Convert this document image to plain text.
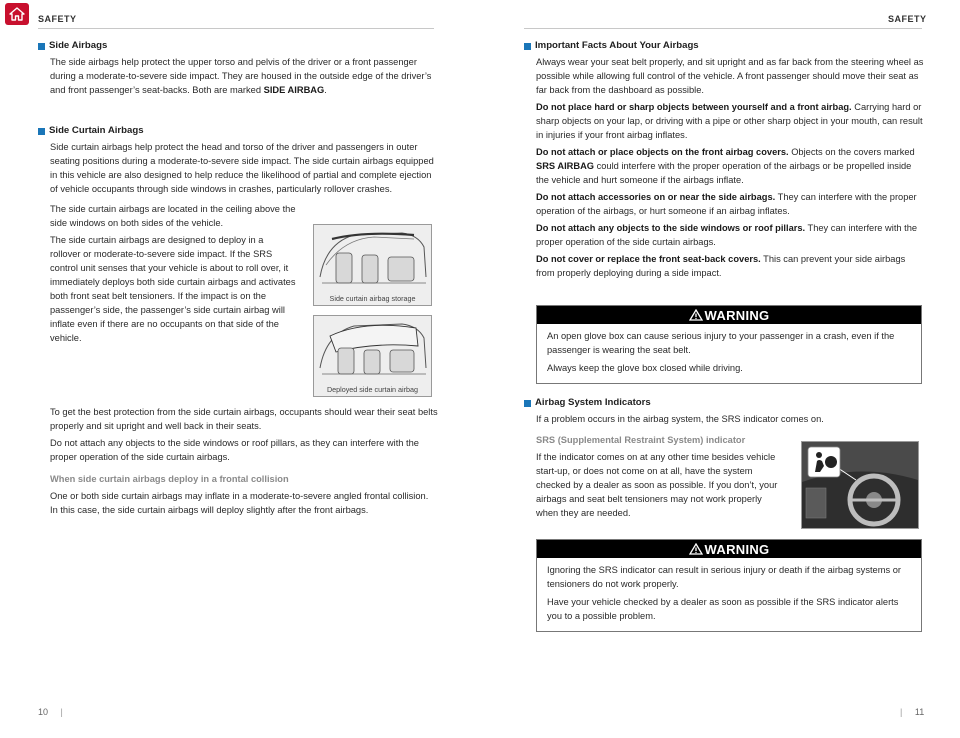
SAFETY
Side Airbags

The side airbags help protect the upper torso and pelvis of the driver or a front passenger during a moderate-to-severe side impact. They are housed in the outside edge of the driver’s and front passenger’s seat-backs. Both are marked SIDE AIRBAG.

Side Curtain Airbags

Side curtain airbags help protect the head and torso of the driver and passengers in outer seating positions during a moderate-to-severe side impact. The side curtain airbags equipped in this vehicle are also designed to help reduce the likelihood of partial and complete ejection of vehicle occupants through side windows in crashes, particularly rollover crashes.

The side curtain airbags are located in the ceiling above the side windows on both sides of the vehicle.

The side curtain airbags are designed to deploy in a rollover or moderate-to-severe side impact. If the SRS control unit senses that your vehicle is about to roll over, it immediately deploys both side curtain airbags and activates both front seat belt tensioners. If the impact is on the passenger’s side, the passenger’s side curtain airbag will inflate even if there are no occupants on that side of the vehicle.

To get the best protection from the side curtain airbags, occupants should wear their seat belts properly and sit upright and well back in their seats.

Do not attach any objects to the side windows or roof pillars, as they can interfere with the proper operation of the side curtain airbags.

When side curtain airbags deploy in a frontal collision

One or both side curtain airbags may inflate in a moderate-to-severe angled frontal collision. In this case, the side curtain airbags will deploy slightly after the front airbags.

Side curtain airbag storage
Deployed side curtain airbag
10 |
SAFETY
Important Facts About Your Airbags

Always wear your seat belt properly, and sit upright and as far back from the steering wheel as possible while allowing full control of the vehicle. A front passenger should move their seat as far back from the dashboard as possible.

Do not place hard or sharp objects between yourself and a front airbag. Carrying hard or sharp objects on your lap, or driving with a pipe or other sharp object in your mouth, can result in injuries if your front airbag inflates.

Do not attach or place objects on the front airbag covers. Objects on the covers marked SRS AIRBAG could interfere with the proper operation of the airbags or be propelled inside the vehicle and hurt someone if the airbags inflate.

Do not attach accessories on or near the side airbags. They can interfere with the proper operation of the airbags, or hurt someone if an airbag inflates.

Do not attach any objects to the side windows or roof pillars. They can interfere with the proper operation of the side curtain airbags.

Do not cover or replace the front seat-back covers. This can prevent your side airbags from properly deploying during a side impact.

WARNING

An open glove box can cause serious injury to your passenger in a crash, even if the passenger is wearing the seat belt.

Always keep the glove box closed while driving.

Airbag System Indicators

If a problem occurs in the airbag system, the SRS indicator comes on.

SRS (Supplemental Restraint System) indicator

If the indicator comes on at any other time besides vehicle start-up, or does not come on at all, have the system checked by a dealer as soon as possible. If you don’t, your airbags and seat belt tensioners may not work properly when they are needed.

WARNING

Ignoring the SRS indicator can result in serious injury or death if the airbag systems or tensioners do not work properly.

Have your vehicle checked by a dealer as soon as possible if the SRS indicator alerts you to a possible problem.

| 11
